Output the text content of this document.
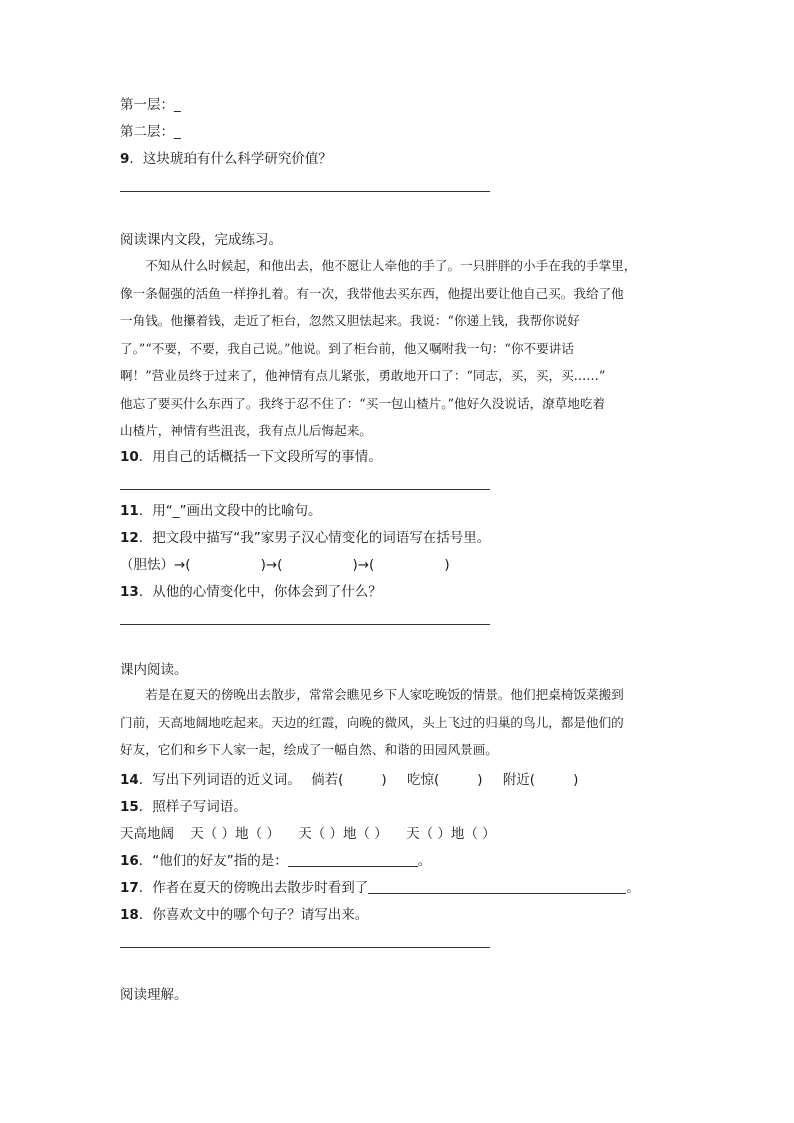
第一层：_
第二层：_
9．这块琥珀有什么科学研究价值？
阅读课内文段，完成练习。
　　不知从什么时候起，和他出去，他不愿让人牵他的手了。一只胖胖的小手在我的手掌里，
像一条倔强的活鱼一样挣扎着。有一次，我带他去买东西，他提出要让他自己买。我给了他
一角钱。他攥着钱，走近了柜台，忽然又胆怯起来。我说：“你递上钱，我帮你说好
了。”“不要，不要，我自己说。”他说。到了柜台前，他又嘱咐我一句：“你不要讲话
啊！”营业员终于过来了，他神情有点儿紧张，勇敢地开口了：“同志，买，买，买……”
他忘了要买什么东西了。我终于忍不住了：“买一包山楂片。”他好久没说话，潦草地吃着
山楂片，神情有些沮丧，我有点儿后悔起来。
10．用自己的话概括一下文段所写的事情。
11．用“_”画出文段中的比喻句。
12．把文段中描写“我”家男子汉心情变化的词语写在括号里。
（胆怯）→(	)→(	)→(	)
13．从他的心情变化中，你体会到了什么？
课内阅读。
　　若是在夏天的傍晚出去散步，常常会瞧见乡下人家吃晚饭的情景。他们把桌椅饭菜搬到
门前，天高地阔地吃起来。天边的红霞，向晚的微风，头上飞过的归巢的鸟儿，都是他们的
好友，它们和乡下人家一起，绘成了一幅自然、和谐的田园风景画。
14．写出下列词语的近义词。 倘若(	) 吃惊(	) 附近(	)
15．照样子写词语。
天高地阔 天（ ）地（ ） 天（ ）地（ ） 天（ ）地（ ）
16．“他们的好友”指的是：	。
17．作者在夏天的傍晚出去散步时看到了	。
18．你喜欢文中的哪个句子？请写出来。
阅读理解。
